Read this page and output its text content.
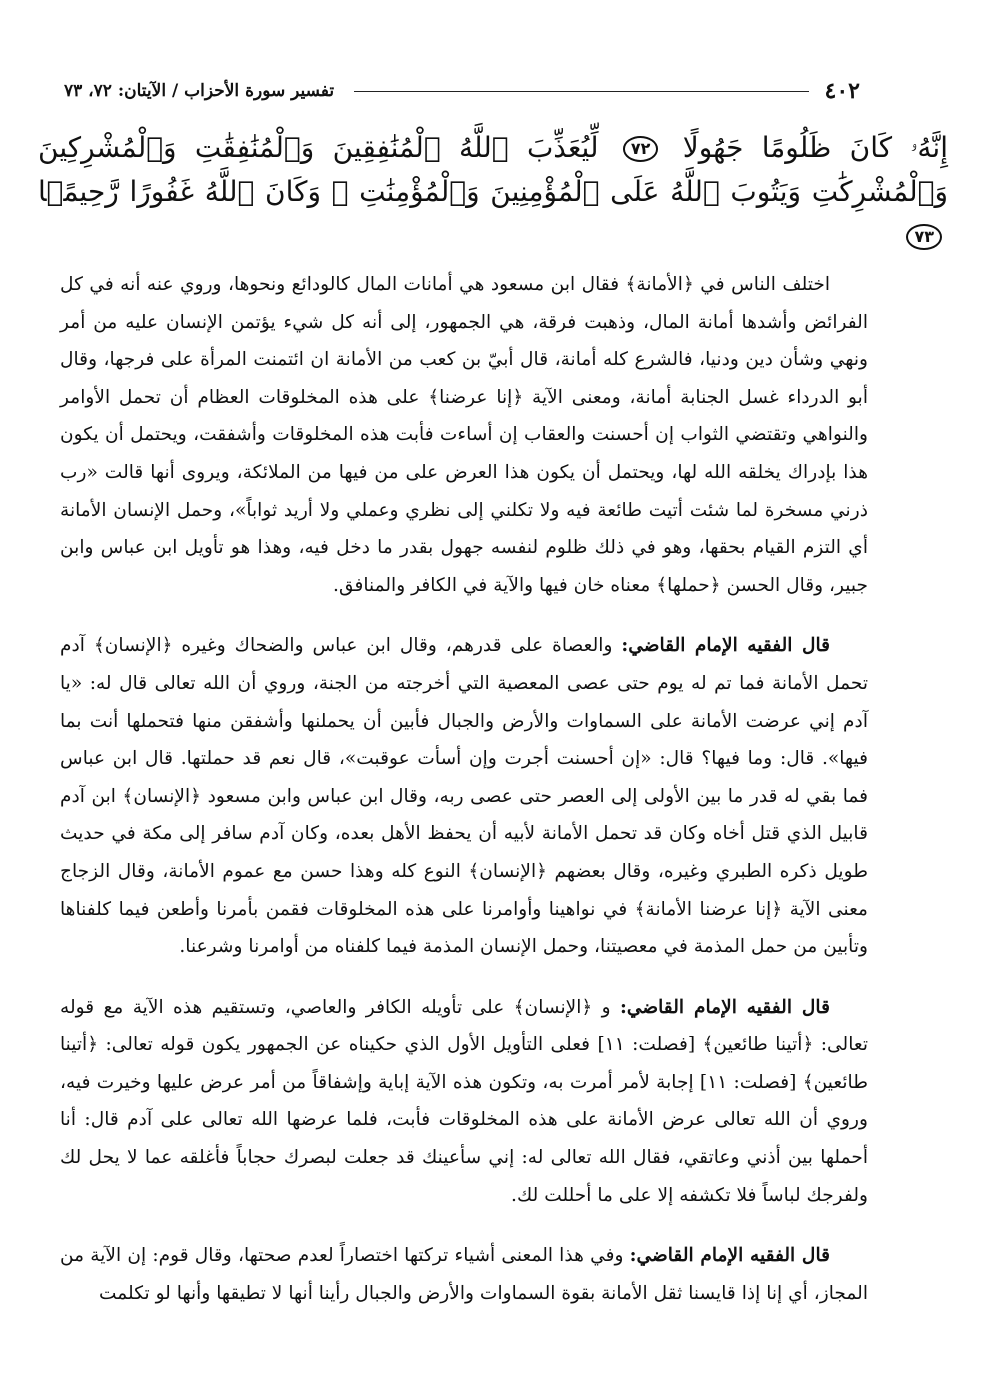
٤٠٢
تفسير سورة الأحزاب / الآيتان: ٧٢، ٧٣
إِنَّهُۥ كَانَ ظَلُومًا جَهُولًا ٧٢ لِّيُعَذِّبَ ٱللَّهُ ٱلْمُنَٰفِقِينَ وَٱلْمُنَٰفِقَٰتِ وَٱلْمُشْرِكِينَ وَٱلْمُشْرِكَٰتِ وَيَتُوبَ ٱللَّهُ عَلَى ٱلْمُؤْمِنِينَ وَٱلْمُؤْمِنَٰتِ ۗ وَكَانَ ٱللَّهُ غَفُورًا رَّحِيمًۢا ٧٣

اختلف الناس في ﴿الأمانة﴾ فقال ابن مسعود هي أمانات المال كالودائع ونحوها، وروي عنه أنه في كل الفرائض وأشدها أمانة المال، وذهبت فرقة، هي الجمهور، إلى أنه كل شيء يؤتمن الإنسان عليه من أمر ونهي وشأن دين ودنيا، فالشرع كله أمانة، قال أبيّ بن كعب من الأمانة ان ائتمنت المرأة على فرجها، وقال أبو الدرداء غسل الجنابة أمانة، ومعنى الآية ﴿إنا عرضنا﴾ على هذه المخلوقات العظام أن تحمل الأوامر والنواهي وتقتضي الثواب إن أحسنت والعقاب إن أساءت فأبت هذه المخلوقات وأشفقت، ويحتمل أن يكون هذا بإدراك يخلقه الله لها، ويحتمل أن يكون هذا العرض على من فيها من الملائكة، ويروى أنها قالت «رب ذرني مسخرة لما شئت أتيت طائعة فيه ولا تكلني إلى نظري وعملي ولا أريد ثواباً»، وحمل الإنسان الأمانة أي التزم القيام بحقها، وهو في ذلك ظلوم لنفسه جهول بقدر ما دخل فيه، وهذا هو تأويل ابن عباس وابن جبير، وقال الحسن ﴿حملها﴾ معناه خان فيها والآية في الكافر والمنافق.

قال الفقيه الإمام القاضي: والعصاة على قدرهم، وقال ابن عباس والضحاك وغيره ﴿الإنسان﴾ آدم تحمل الأمانة فما تم له يوم حتى عصى المعصية التي أخرجته من الجنة، وروي أن الله تعالى قال له: «يا آدم إني عرضت الأمانة على السماوات والأرض والجبال فأبين أن يحملنها وأشفقن منها فتحملها أنت بما فيها». قال: وما فيها؟ قال: «إن أحسنت أجرت وإن أسأت عوقبت»، قال نعم قد حملتها. قال ابن عباس فما بقي له قدر ما بين الأولى إلى العصر حتى عصى ربه، وقال ابن عباس وابن مسعود ﴿الإنسان﴾ ابن آدم قابيل الذي قتل أخاه وكان قد تحمل الأمانة لأبيه أن يحفظ الأهل بعده، وكان آدم سافر إلى مكة في حديث طويل ذكره الطبري وغيره، وقال بعضهم ﴿الإنسان﴾ النوع كله وهذا حسن مع عموم الأمانة، وقال الزجاج معنى الآية ﴿إنا عرضنا الأمانة﴾ في نواهينا وأوامرنا على هذه المخلوقات فقمن بأمرنا وأطعن فيما كلفناها وتأبين من حمل المذمة في معصيتنا، وحمل الإنسان المذمة فيما كلفناه من أوامرنا وشرعنا.

قال الفقيه الإمام القاضي: و ﴿الإنسان﴾ على تأويله الكافر والعاصي، وتستقيم هذه الآية مع قوله تعالى: ﴿أتينا طائعين﴾ [فصلت: ١١] فعلى التأويل الأول الذي حكيناه عن الجمهور يكون قوله تعالى: ﴿أتينا طائعين﴾ [فصلت: ١١] إجابة لأمر أمرت به، وتكون هذه الآية إباية وإشفاقاً من أمر عرض عليها وخيرت فيه، وروي أن الله تعالى عرض الأمانة على هذه المخلوقات فأبت، فلما عرضها الله تعالى على آدم قال: أنا أحملها بين أذني وعاتقي، فقال الله تعالى له: إني سأعينك قد جعلت لبصرك حجاباً فأغلقه عما لا يحل لك ولفرجك لباساً فلا تكشفه إلا على ما أحللت لك.

قال الفقيه الإمام القاضي: وفي هذا المعنى أشياء تركتها اختصاراً لعدم صحتها، وقال قوم: إن الآية من المجاز، أي إنا إذا قايسنا ثقل الأمانة بقوة السماوات والأرض والجبال رأينا أنها لا تطيقها وأنها لو تكلمت
